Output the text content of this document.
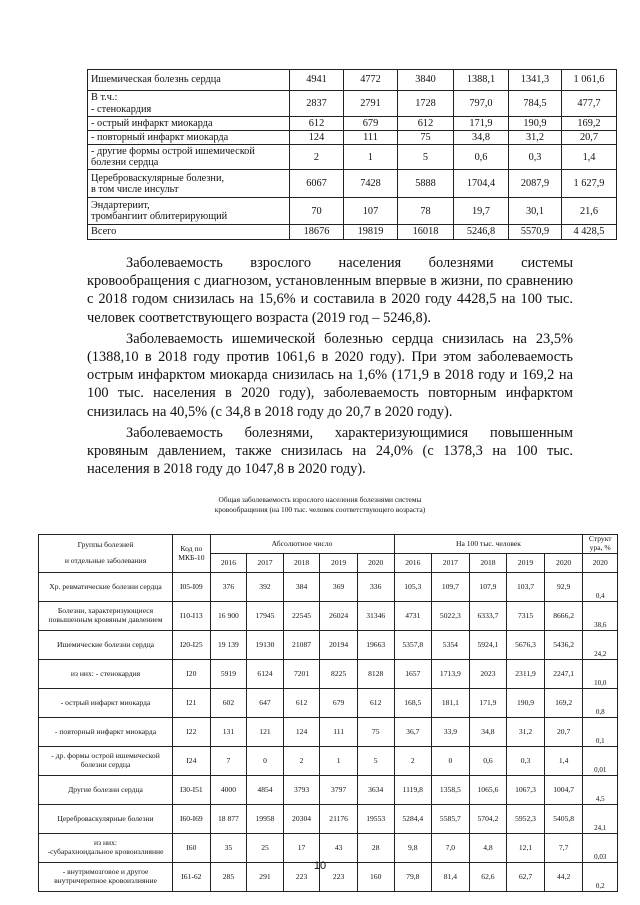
Ишемическая болезнь сердца	4941	4772	3840	1388,1	1341,3	1 061,6
В т.ч.:
- стенокардия	2837	2791	1728	797,0	784,5	477,7
- острый инфаркт миокарда	612	679	612	171,9	190,9	169,2
- повторный инфаркт миокарда	124	111	75	34,8	31,2	20,7
- другие формы острой ишемической болезни сердца	2	1	5	0,6	0,3	1,4
Цереброваскулярные болезни,
в том числе инсульт	6067	7428	5888	1704,4	2087,9	1 627,9
Эндартериит,
тромбангиит облитерирующий	70	107	78	19,7	30,1	21,6
Всего	18676	19819	16018	5246,8	5570,9	4 428,5

Заболеваемость взрослого населения болезнями системы кровообращения с диагнозом, установленным впервые в жизни, по сравнению с 2018 годом снизилась на 15,6% и составила в 2020 году 4428,5 на 100 тыс. человек соответствующего возраста (2019 год – 5246,8).

Заболеваемость ишемической болезнью сердца снизилась на 23,5% (1388,10 в 2018 году против 1061,6 в 2020 году). При этом заболеваемость острым инфарктом миокарда снизилась на 1,6% (171,9 в 2018 году и 169,2 на 100 тыс. населения в 2020 году), заболеваемость повторным инфарктом снизилась на 40,5% (с 34,8 в 2018 году до 20,7 в 2020 году).

Заболеваемость болезнями, характеризующимися повышенным кровяным давлением, также снизилась на 24,0% (с 1378,3 на 100 тыс. населения в 2018 году до 1047,8 в 2020 году).

Общая заболеваемость взрослого населения болезнями системы
кровообращения (на 100 тыс. человек соответствующего возраста)
Группы болезней
и отдельные заболевания	Код по МКБ-10	Абсолютное число					На 100 тыс. человек					Структ ура, %
		2016	2017	2018	2019	2020	2016	2017	2018	2019	2020	2020
Хр. ревматические болезни сердца	I05-I09	376	392	384	369	336	105,3	109,7	107,9	103,7	92,9	0,4
Болезни, характеризующиеся повышенным кровяным давлением	I10-I13	16 900	17945	22545	26024	31346	4731	5022,3	6333,7	7315	8666,2	38,6
Ишемические болезни сердца	I20-I25	19 139	19130	21087	20194	19663	5357,8	5354	5924,1	5676,3	5436,2	24,2
из них: - стенокардия	I20	5919	6124	7201	8225	8128	1657	1713,9	2023	2311,9	2247,1	10,0
- острый инфаркт миокарда	I21	602	647	612	679	612	168,5	181,1	171,9	190,9	169,2	0,8
- повторный инфаркт миокарда	I22	131	121	124	111	75	36,7	33,9	34,8	31,2	20,7	0,1
- др. формы острой ишемической болезни сердца	I24	7	0	2	1	5	2	0	0,6	0,3	1,4	0,01
Другие болезни сердца	I30-I51	4000	4854	3793	3797	3634	1119,8	1358,5	1065,6	1067,3	1004,7	4,5
Цереброваскулярные болезни	I60-I69	18 877	19958	20304	21176	19553	5284,4	5585,7	5704,2	5952,3	5405,8	24,1
из них:
-субарахноидальное кровоизлияние	I60	35	25	17	43	28	9,8	7,0	4,8	12,1	7,7	0,03
- внутримозговое и другое внутричерепное кровоизлияние	I61-62	285	291	223	223	160	79,8	81,4	62,6	62,7	44,2	0,2
10
